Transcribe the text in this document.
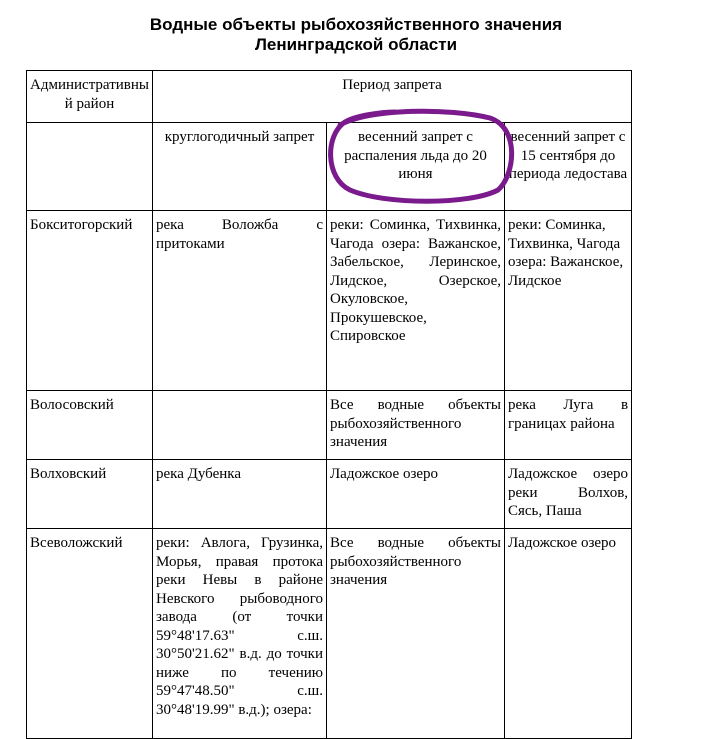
Водные объекты рыбохозяйственного значения
Ленинградской области
Административный район	Период запрета		
	круглогодичный запрет	весенний запрет с распаления льда до 20 июня	весенний запрет с 15 сентября до периода ледостава
Бокситогорский	река Воложба с притоками	реки: Соминка, Тихвинка, Чагода озера: Важанское, Забельское, Леринское, Лидское, Озерское, Окуловское, Прокушевское, Спировское	реки: Соминка, Тихвинка, Чагода озера: Важанское, Лидское
Волосовский		Все водные объекты рыбохозяйственного значения	река Луга в границах района
Волховский	река Дубенка	Ладожское озеро	Ладожское озеро реки Волхов, Сясь, Паша
Всеволожский	реки: Авлога, Грузинка, Морья, правая протока реки Невы в районе Невского рыбоводного завода (от точки 59°48'17.63" с.ш. 30°50'21.62" в.д. до точки ниже по течению 59°47'48.50" с.ш. 30°48'19.99" в.д.); озера:	Все водные объекты рыбохозяйственного значения	Ладожское озеро
